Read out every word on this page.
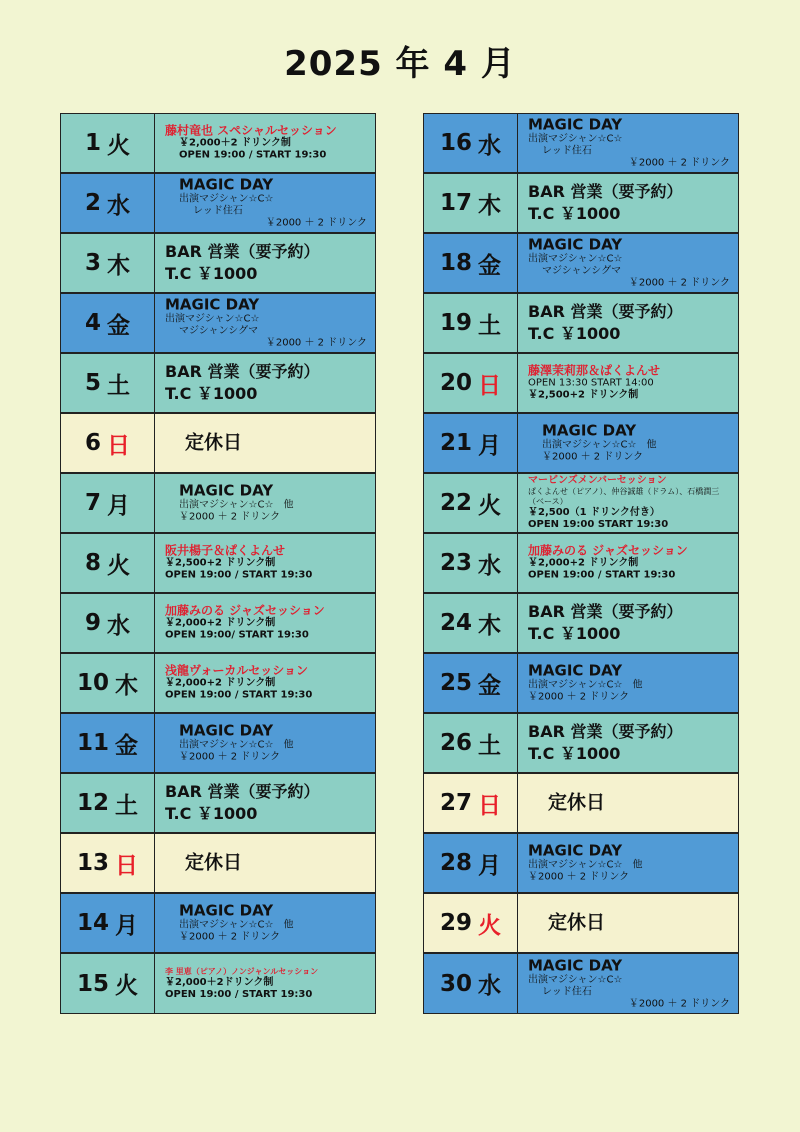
2025 年 4 月
1 火
藤村竜也 スペシャルセッション
￥2,000＋2 ドリンク制
OPEN 19:00 / START 19:30
2 水
MAGIC DAY
出演マジシャン☆C☆
レッド住石
￥2000 ＋ 2 ドリンク
3 木
BAR 営業（要予約）
T.C ￥1000
4 金
MAGIC DAY
出演マジシャン☆C☆
マジシャンシグマ
￥2000 ＋ 2 ドリンク
5 土
BAR 営業（要予約）
T.C ￥1000
6 日	定休日
7 月
MAGIC DAY
出演マジシャン☆C☆　他
￥2000 ＋ 2 ドリンク
8 火
阪井楊子＆ぱくよんせ
￥2,500+2 ドリンク制
OPEN 19:00 / START 19:30
9 水
加藤みのる ジャズセッション
￥2,000+2 ドリンク制
OPEN 19:00/ START 19:30
10 木
浅龍ヴォーカルセッション
￥2,000+2 ドリンク制
OPEN 19:00 / START 19:30
11 金
MAGIC DAY
出演マジシャン☆C☆　他
￥2000 ＋ 2 ドリンク
12 土
BAR 営業（要予約）
T.C ￥1000
13 日	定休日
14 月
MAGIC DAY
出演マジシャン☆C☆　他
￥2000 ＋ 2 ドリンク
15 火
李 里恵（ピアノ）ノンジャンルセッション
￥2,000＋2ドリンク制
OPEN 19:00 / START 19:30
16 水
MAGIC DAY
出演マジシャン☆C☆
レッド住石
￥2000 ＋ 2 ドリンク
17 木
BAR 営業（要予約）
T.C ￥1000
18 金
MAGIC DAY
出演マジシャン☆C☆
マジシャンシグマ
￥2000 ＋ 2 ドリンク
19 土
BAR 営業（要予約）
T.C ￥1000
20 日
藤澤茉莉那＆ぱくよんせ
OPEN 13:30 START 14:00
￥2,500+2 ドリンク制
21 月
MAGIC DAY
出演マジシャン☆C☆　他
￥2000 ＋ 2 ドリンク
22 火
マービンズメンバーセッション
ぱくよんせ（ピアノ）、仲谷誠雄（ドラム）、石橋潤三（ベース）
￥2,500（1 ドリンク付き）
OPEN 19:00 START 19:30
23 水
加藤みのる ジャズセッション
￥2,000+2 ドリンク制
OPEN 19:00 / START 19:30
24 木
BAR 営業（要予約）
T.C ￥1000
25 金
MAGIC DAY
出演マジシャン☆C☆　他
￥2000 ＋ 2 ドリンク
26 土
BAR 営業（要予約）
T.C ￥1000
27 日	定休日
28 月
MAGIC DAY
出演マジシャン☆C☆　他
￥2000 ＋ 2 ドリンク
29 火	定休日
30 水
MAGIC DAY
出演マジシャン☆C☆
レッド住石
￥2000 ＋ 2 ドリンク
